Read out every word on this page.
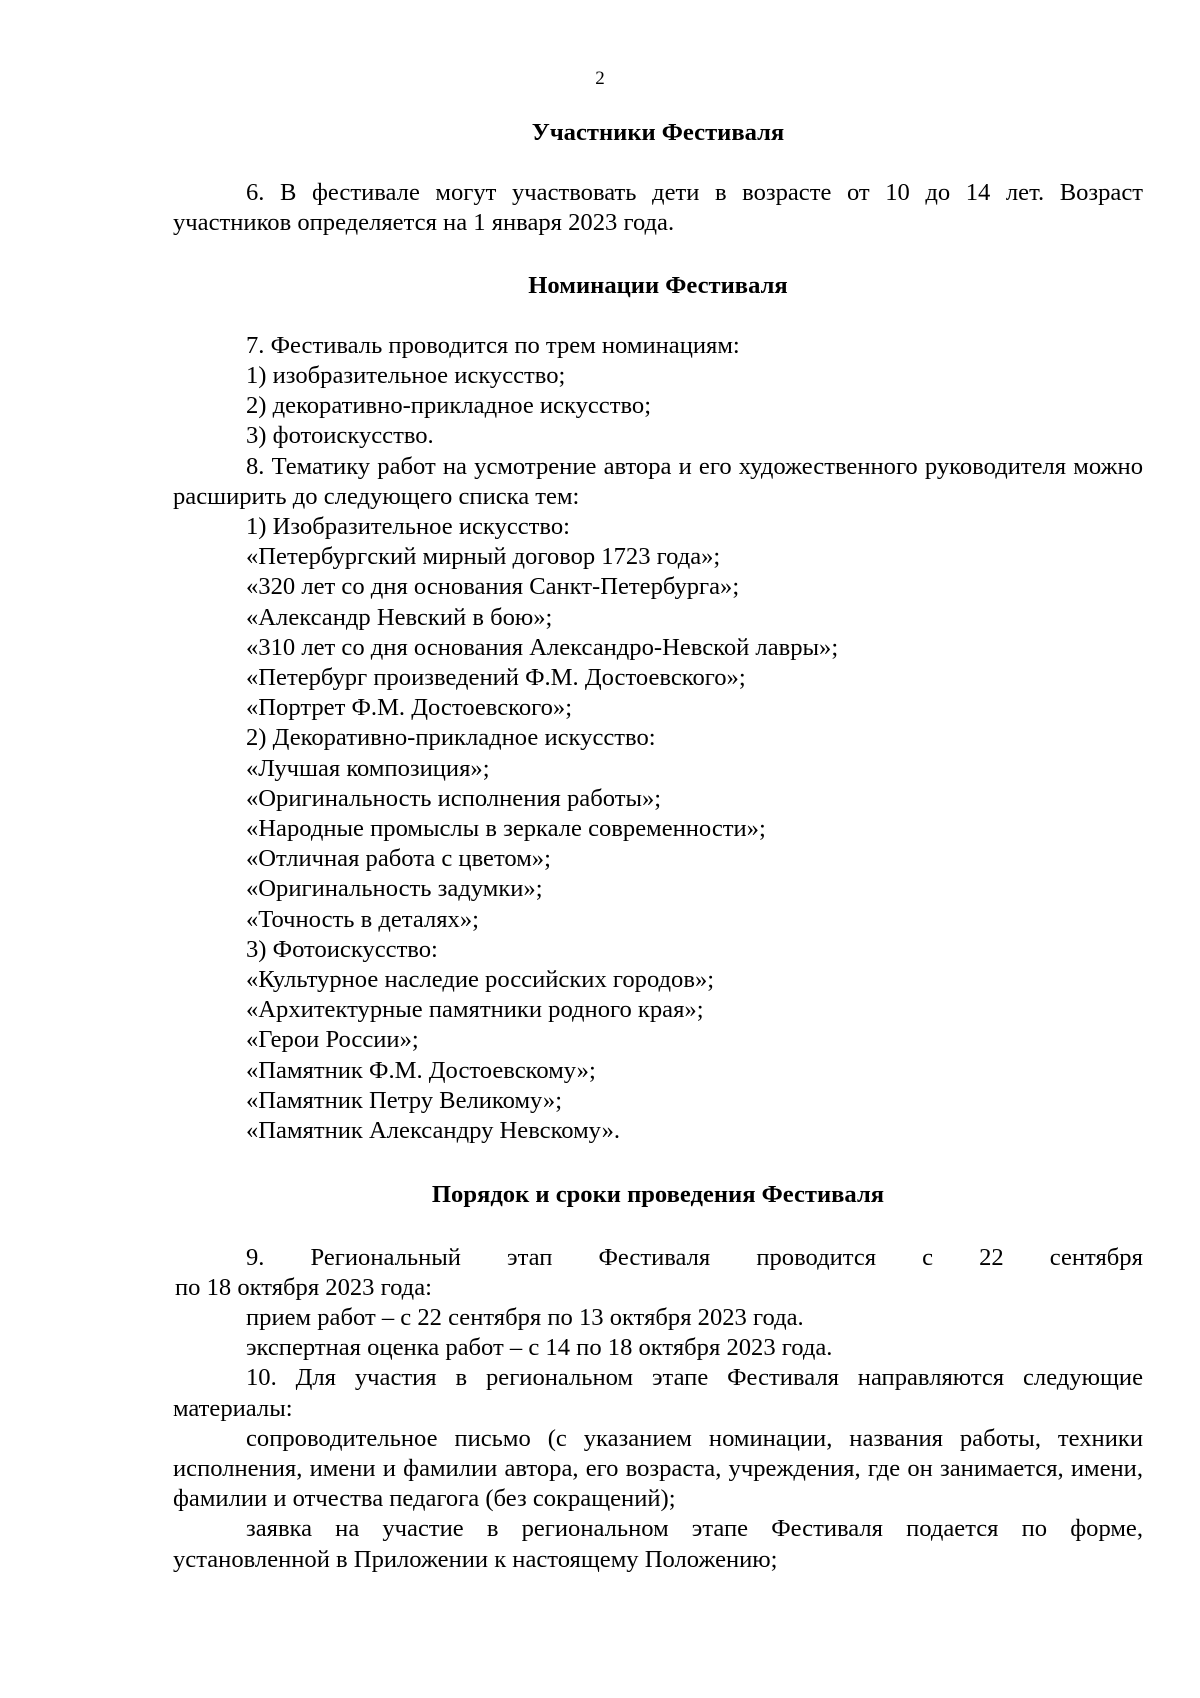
2

Участники Фестиваля

6. В фестивале могут участвовать дети в возрасте от 10 до 14 лет. Возраст участников определяется на 1 января 2023 года.

Номинации Фестиваля

7. Фестиваль проводится по трем номинациям:

1) изобразительное искусство;

2) декоративно-прикладное искусство;

3) фотоискусство.

8. Тематику работ на усмотрение автора и его художественного руководителя можно расширить до следующего списка тем:

1) Изобразительное искусство:

«Петербургский мирный договор 1723 года»;

«320 лет со дня основания Санкт-Петербурга»;

«Александр Невский в бою»;

«310 лет со дня основания Александро-Невской лавры»;

«Петербург произведений Ф.М. Достоевского»;

«Портрет Ф.М. Достоевского»;

2) Декоративно-прикладное искусство:

«Лучшая композиция»;

«Оригинальность исполнения работы»;

«Народные промыслы в зеркале современности»;

«Отличная работа с цветом»;

«Оригинальность задумки»;

«Точность в деталях»;

3) Фотоискусство:

«Культурное наследие российских городов»;

«Архитектурные памятники родного края»;

«Герои России»;

«Памятник Ф.М. Достоевскому»;

«Памятник Петру Великому»;

«Памятник Александру Невскому».

Порядок и сроки проведения Фестиваля

9. Региональный этап Фестиваля проводится с 22 сентября

по 18 октября 2023 года:

прием работ – с 22 сентября по 13 октября 2023 года.

экспертная оценка работ – с 14 по 18 октября 2023 года.

10. Для участия в региональном этапе Фестиваля направляются следующие материалы:

сопроводительное письмо (с указанием номинации, названия работы, техники исполнения, имени и фамилии автора, его возраста, учреждения, где он занимается, имени, фамилии и отчества педагога (без сокращений);

заявка на участие в региональном этапе Фестиваля подается по форме, установленной в Приложении к настоящему Положению;
